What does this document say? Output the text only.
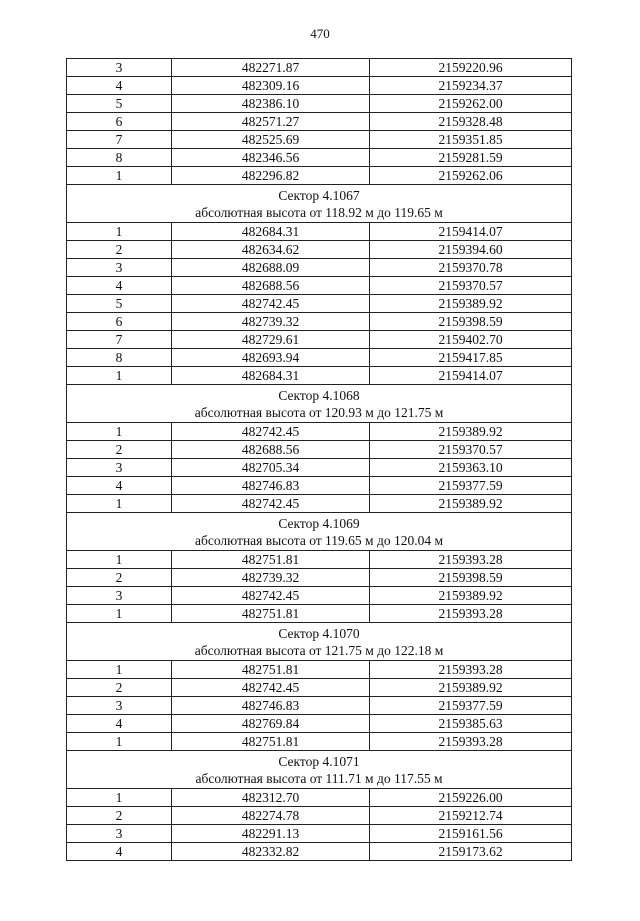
470
3	482271.87	2159220.96
4	482309.16	2159234.37
5	482386.10	2159262.00
6	482571.27	2159328.48
7	482525.69	2159351.85
8	482346.56	2159281.59
1	482296.82	2159262.06

Сектор 4.1067
абсолютная высота от 118.92 м до 119.65 м		

1	482684.31	2159414.07
2	482634.62	2159394.60
3	482688.09	2159370.78
4	482688.56	2159370.57
5	482742.45	2159389.92
6	482739.32	2159398.59
7	482729.61	2159402.70
8	482693.94	2159417.85
1	482684.31	2159414.07

Сектор 4.1068
абсолютная высота от 120.93 м до 121.75 м		

1	482742.45	2159389.92
2	482688.56	2159370.57
3	482705.34	2159363.10
4	482746.83	2159377.59
1	482742.45	2159389.92

Сектор 4.1069
абсолютная высота от 119.65 м до 120.04 м		

1	482751.81	2159393.28
2	482739.32	2159398.59
3	482742.45	2159389.92
1	482751.81	2159393.28

Сектор 4.1070
абсолютная высота от 121.75 м до 122.18 м		

1	482751.81	2159393.28
2	482742.45	2159389.92
3	482746.83	2159377.59
4	482769.84	2159385.63
1	482751.81	2159393.28

Сектор 4.1071
абсолютная высота от 111.71 м до 117.55 м		

1	482312.70	2159226.00
2	482274.78	2159212.74
3	482291.13	2159161.56
4	482332.82	2159173.62
